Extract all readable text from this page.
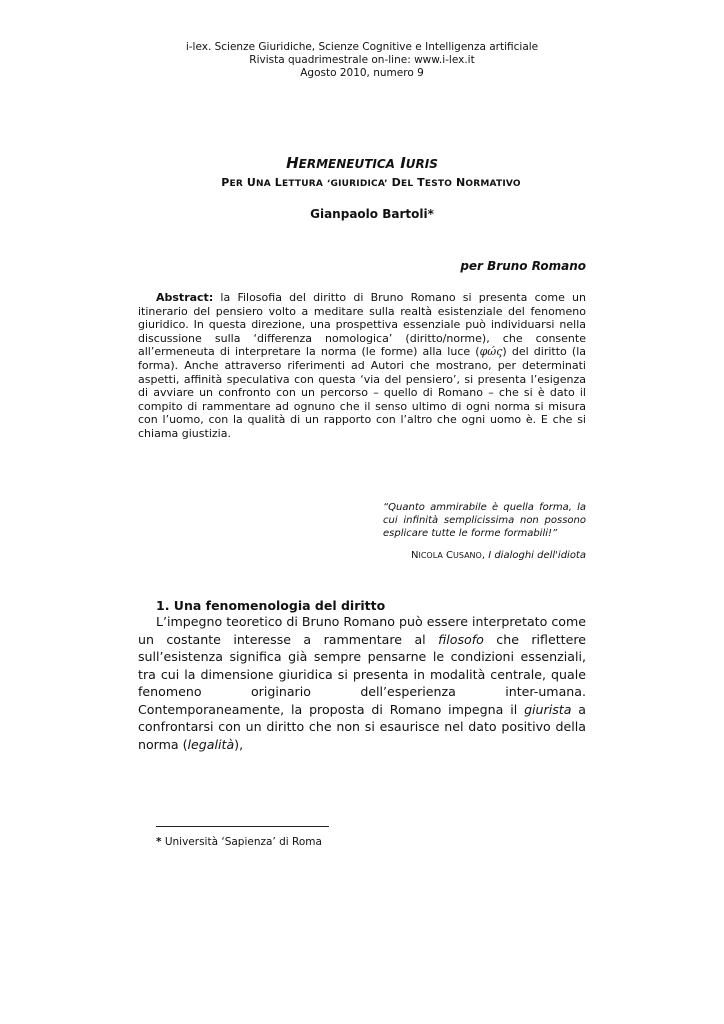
i-lex. Scienze Giuridiche, Scienze Cognitive e Intelligenza artificiale
Rivista quadrimestrale on-line: www.i-lex.it
Agosto 2010, numero 9
HERMENEUTICA IURIS
PER UNA LETTURA ‘GIURIDICA’ DEL TESTO NORMATIVO
Gianpaolo Bartoli*
per Bruno Romano
Abstract: la Filosofia del diritto di Bruno Romano si presenta come un itinerario del pensiero volto a meditare sulla realtà esistenziale del fenomeno giuridico. In questa direzione, una prospettiva essenziale può individuarsi nella discussione sulla ‘differenza nomologica’ (diritto/norme), che consente all’ermeneuta di interpretare la norma (le forme) alla luce (φώς) del diritto (la forma). Anche attraverso riferimenti ad Autori che mostrano, per determinati aspetti, affinità speculativa con questa ‘via del pensiero’, si presenta l’esigenza di avviare un confronto con un percorso – quello di Romano – che si è dato il compito di rammentare ad ognuno che il senso ultimo di ogni norma si misura con l’uomo, con la qualità di un rapporto con l’altro che ogni uomo è. E che si chiama giustizia.
“Quanto ammirabile è quella forma, la cui infinità semplicissima non possono esplicare tutte le forme formabili!”
NICOLA CUSANO, I dialoghi dell'idiota
1. Una fenomenologia del diritto
L’impegno teoretico di Bruno Romano può essere interpretato come un costante interesse a rammentare al filosofo che riflettere sull’esistenza significa già sempre pensarne le condizioni essenziali, tra cui la dimensione giuridica si presenta in modalità centrale, quale fenomeno originario dell’esperienza inter-umana. Contemporaneamente, la proposta di Romano impegna il giurista a confrontarsi con un diritto che non si esaurisce nel dato positivo della norma (legalità),
* Università ‘Sapienza’ di Roma
